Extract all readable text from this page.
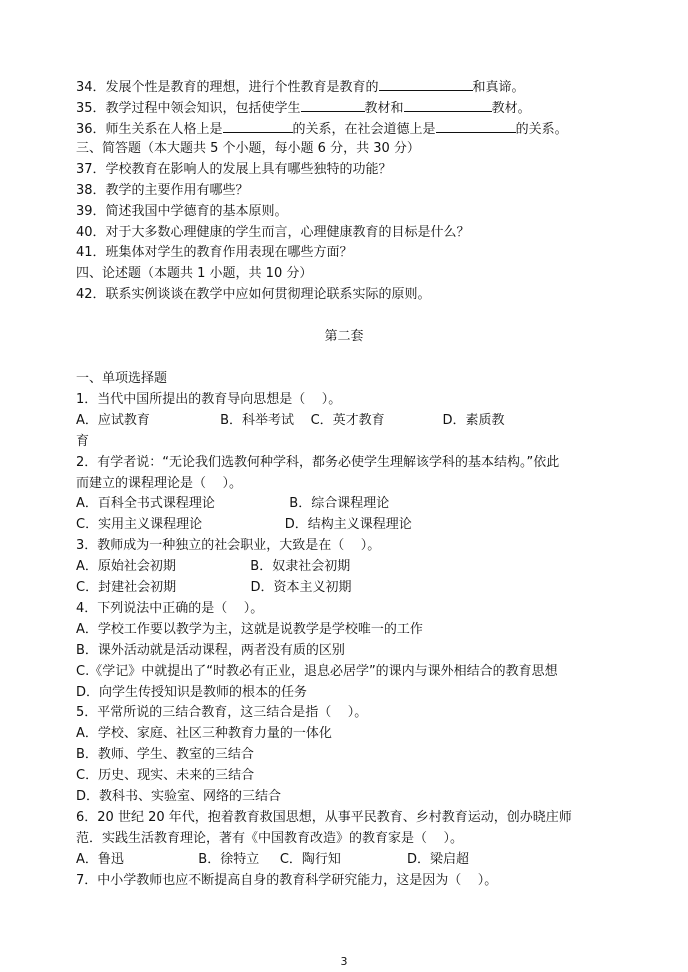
34．发展个性是教育的理想，进行个性教育是教育的	和真谛。
35．教学过程中领会知识，包括使学生	教材和	教材。
36．师生关系在人格上是	的关系，在社会道德上是	的关系。
三、简答题（本大题共 5 个小题，每小题 6 分，共 30 分）
37．学校教育在影响人的发展上具有哪些独特的功能？
38．教学的主要作用有哪些？
39．简述我国中学德育的基本原则。
40．对于大多数心理健康的学生而言，心理健康教育的目标是什么？
41．班集体对学生的教育作用表现在哪些方面？
四、论述题（本题共 1 小题，共 10 分）
42．联系实例谈谈在教学中应如何贯彻理论联系实际的原则。
第二套
一、单项选择题
1．当代中国所提出的教育导向思想是（    ）。
A．应试教育                 B．科举考试    C．英才教育              D．素质教
育
2．有学者说：“无论我们选教何种学科，都务必使学生理解该学科的基本结构。”依此
而建立的课程理论是（    ）。
A．百科全书式课程理论                  B．综合课程理论
C．实用主义课程理论                    D．结构主义课程理论
3．教师成为一种独立的社会职业，大致是在（    ）。
A．原始社会初期                  B．奴隶社会初期
C．封建社会初期                  D．资本主义初期
4．下列说法中正确的是（    ）。
A．学校工作要以教学为主，这就是说教学是学校唯一的工作
B．课外活动就是活动课程，两者没有质的区别
C.《学记》中就提出了“时教必有正业，退息必居学”的课内与课外相结合的教育思想
D．向学生传授知识是教师的根本的任务
5．平常所说的三结合教育，这三结合是指（    ）。
A．学校、家庭、社区三种教育力量的一体化
B．教师、学生、教室的三结合
C．历史、现实、未来的三结合
D．教科书、实验室、网络的三结合
6．20 世纪 20 年代，抱着教育救国思想，从事平民教育、乡村教育运动，创办晓庄师
范．实践生活教育理论，著有《中国教育改造》的教育家是（    ）。
A．鲁迅                  B．徐特立     C．陶行知                D．梁启超
7．中小学教师也应不断提高自身的教育科学研究能力，这是因为（    ）。
3
